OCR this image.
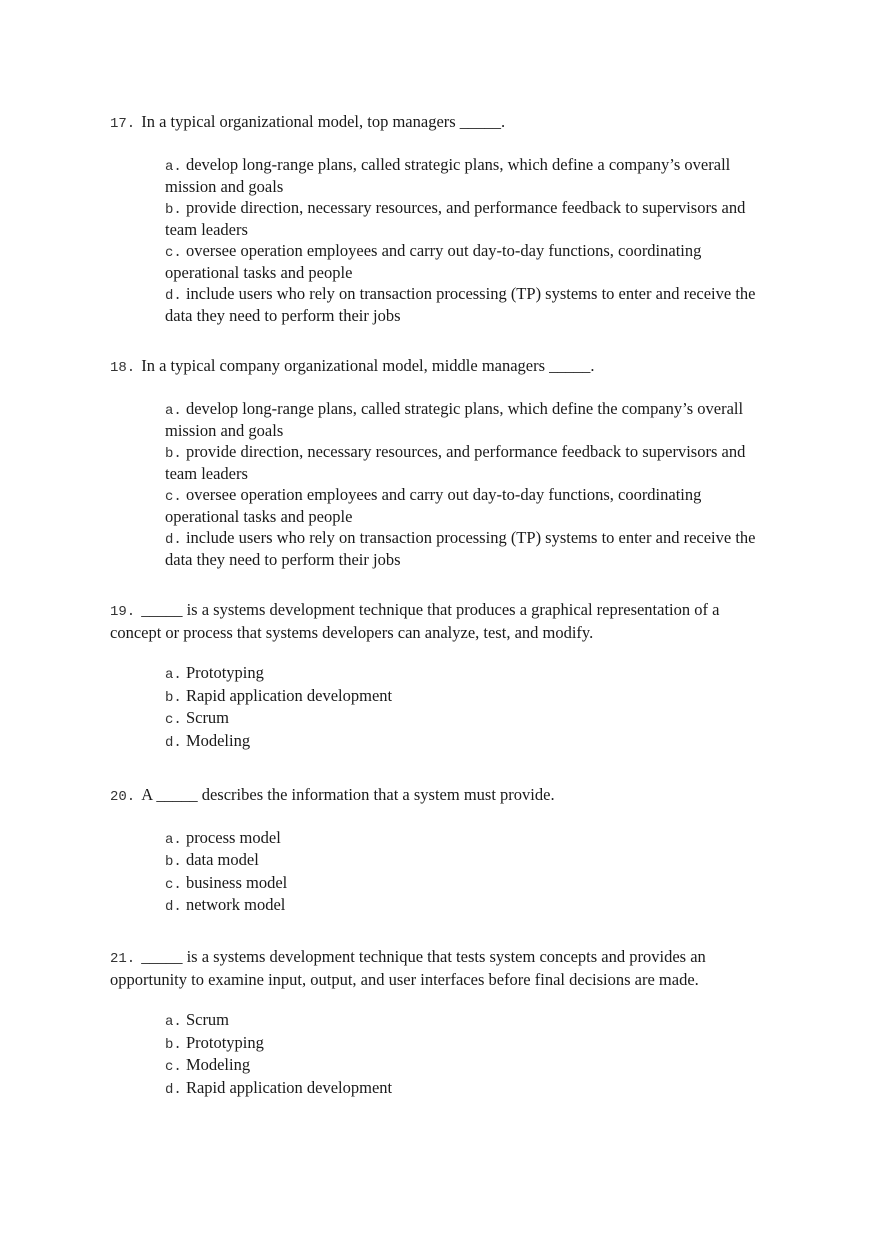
17. In a typical organizational model, top managers _____.
a. develop long-range plans, called strategic plans, which define a company’s overall mission and goals
b. provide direction, necessary resources, and performance feedback to supervisors and team leaders
c. oversee operation employees and carry out day-to-day functions, coordinating operational tasks and people
d. include users who rely on transaction processing (TP) systems to enter and receive the data they need to perform their jobs
18. In a typical company organizational model, middle managers _____.
a. develop long-range plans, called strategic plans, which define the company’s overall mission and goals
b. provide direction, necessary resources, and performance feedback to supervisors and team leaders
c. oversee operation employees and carry out day-to-day functions, coordinating operational tasks and people
d. include users who rely on transaction processing (TP) systems to enter and receive the data they need to perform their jobs
19. _____ is a systems development technique that produces a graphical representation of a concept or process that systems developers can analyze, test, and modify.
a. Prototyping
b. Rapid application development
c. Scrum
d. Modeling
20. A _____ describes the information that a system must provide.
a. process model
b. data model
c. business model
d. network model
21. _____ is a systems development technique that tests system concepts and provides an opportunity to examine input, output, and user interfaces before final decisions are made.
a. Scrum
b. Prototyping
c. Modeling
d. Rapid application development
